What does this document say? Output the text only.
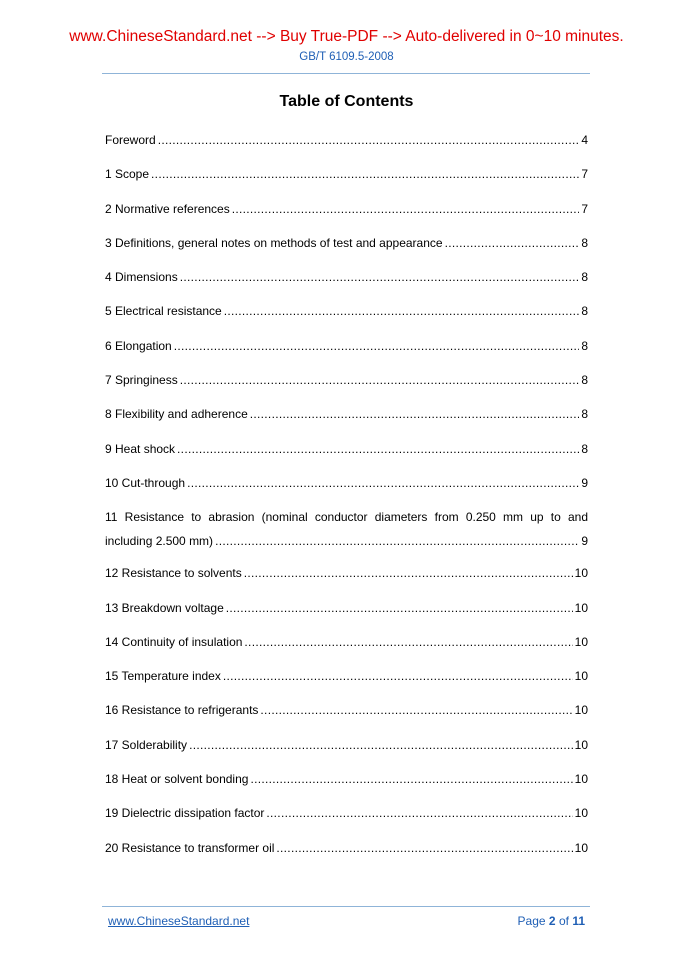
www.ChineseStandard.net --> Buy True-PDF --> Auto-delivered in 0~10 minutes.
GB/T 6109.5-2008
Table of Contents
Foreword .....	4
1 Scope .....	7
2 Normative references .....	7
3 Definitions, general notes on methods of test and appearance .....	8
4 Dimensions .....	8
5 Electrical resistance .....	8
6 Elongation .....	8
7 Springiness .....	8
8 Flexibility and adherence .....	8
9 Heat shock .....	8
10 Cut-through .....	9
11 Resistance to abrasion (nominal conductor diameters from 0.250 mm up to and
including 2.500 mm) .....	9
12 Resistance to solvents .....	10
13 Breakdown voltage .....	10
14 Continuity of insulation .....	10
15 Temperature index .....	10
16 Resistance to refrigerants .....	10
17 Solderability .....	10
18 Heat or solvent bonding .....	10
19 Dielectric dissipation factor .....	10
20 Resistance to transformer oil .....	10
www.ChineseStandard.net	Page 2 of 11
